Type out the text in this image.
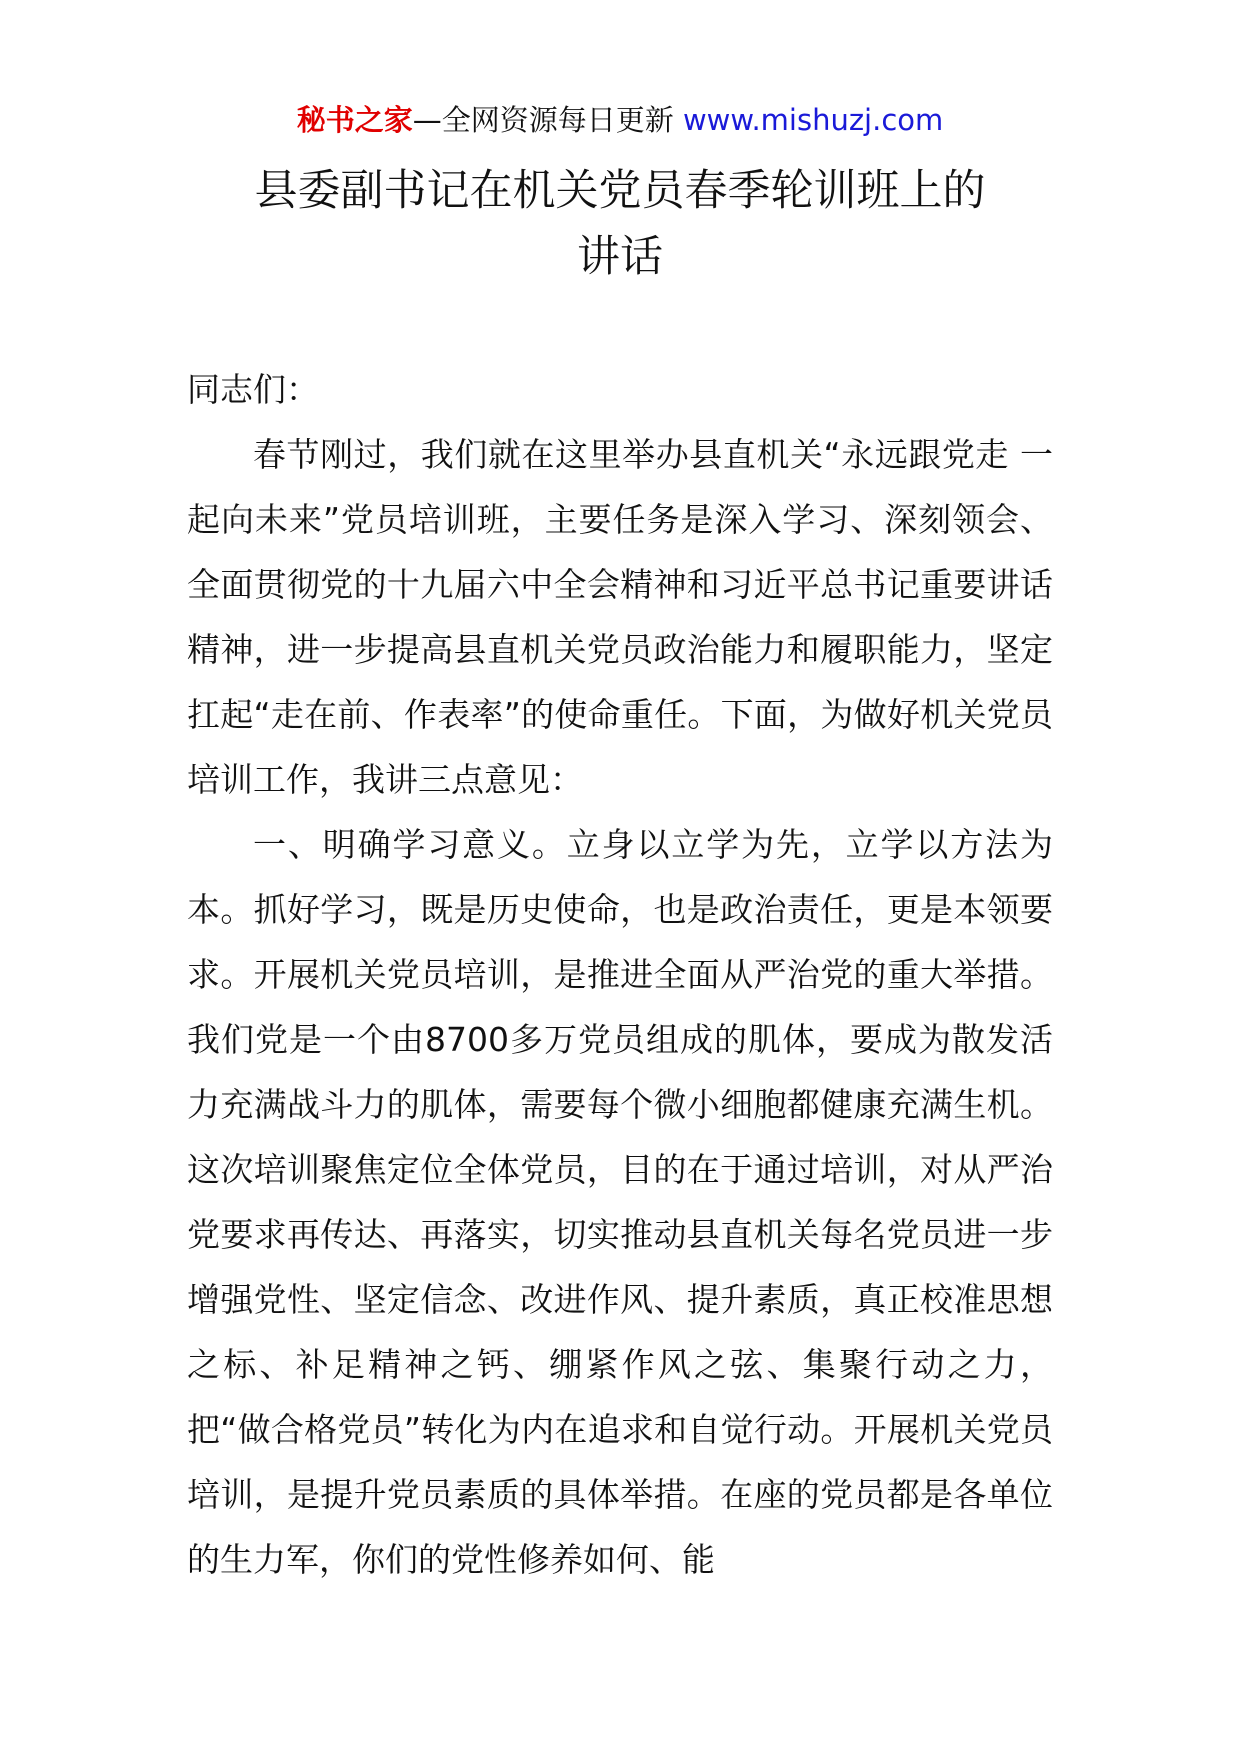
秘书之家—全网资源每日更新 www.mishuzj.com
县委副书记在机关党员春季轮训班上的
讲话

同志们：

春节刚过，我们就在这里举办县直机关“永远跟党走 一起向未来”党员培训班，主要任务是深入学习、深刻领会、全面贯彻党的十九届六中全会精神和习近平总书记重要讲话精神，进一步提高县直机关党员政治能力和履职能力，坚定扛起“走在前、作表率”的使命重任。下面，为做好机关党员培训工作，我讲三点意见：

一、明确学习意义。立身以立学为先，立学以方法为本。抓好学习，既是历史使命，也是政治责任，更是本领要求。开展机关党员培训，是推进全面从严治党的重大举措。我们党是一个由8700多万党员组成的肌体，要成为散发活力充满战斗力的肌体，需要每个微小细胞都健康充满生机。这次培训聚焦定位全体党员，目的在于通过培训，对从严治党要求再传达、再落实，切实推动县直机关每名党员进一步增强党性、坚定信念、改进作风、提升素质，真正校准思想之标、补足精神之钙、绷紧作风之弦、集聚行动之力，把“做合格党员”转化为内在追求和自觉行动。开展机关党员培训，是提升党员素质的具体举措。在座的党员都是各单位的生力军，你们的党性修养如何、能
